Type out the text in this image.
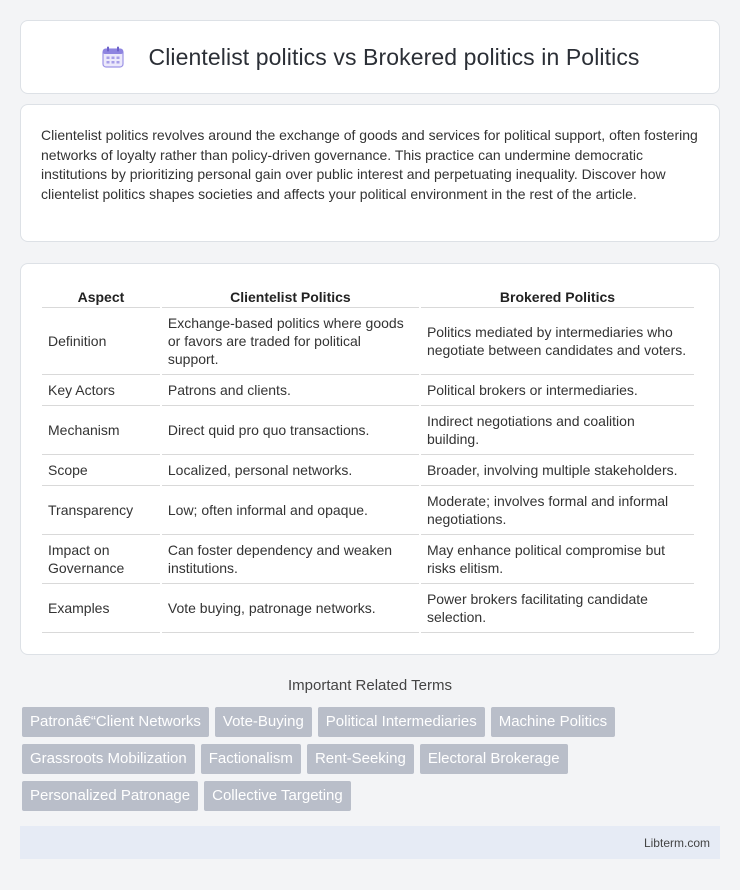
Clientelist politics vs Brokered politics in Politics

Clientelist politics revolves around the exchange of goods and services for political support, often fostering networks of loyalty rather than policy-driven governance. This practice can undermine democratic institutions by prioritizing personal gain over public interest and perpetuating inequality. Discover how clientelist politics shapes societies and affects your political environment in the rest of the article.

Aspect	Clientelist Politics	Brokered Politics
Definition	Exchange-based politics where goods or favors are traded for political support.	Politics mediated by intermediaries who negotiate between candidates and voters.
Key Actors	Patrons and clients.	Political brokers or intermediaries.
Mechanism	Direct quid pro quo transactions.	Indirect negotiations and coalition building.
Scope	Localized, personal networks.	Broader, involving multiple stakeholders.
Transparency	Low; often informal and opaque.	Moderate; involves formal and informal negotiations.
Impact on Governance	Can foster dependency and weaken institutions.	May enhance political compromise but risks elitism.
Examples	Vote buying, patronage networks.	Power brokers facilitating candidate selection.
Important Related Terms
Patronâ€“Client Networks	Vote-Buying	Political Intermediaries	Machine Politics
Grassroots Mobilization	Factionalism	Rent-Seeking	Electoral Brokerage
Personalized Patronage	Collective Targeting
Libterm.com
